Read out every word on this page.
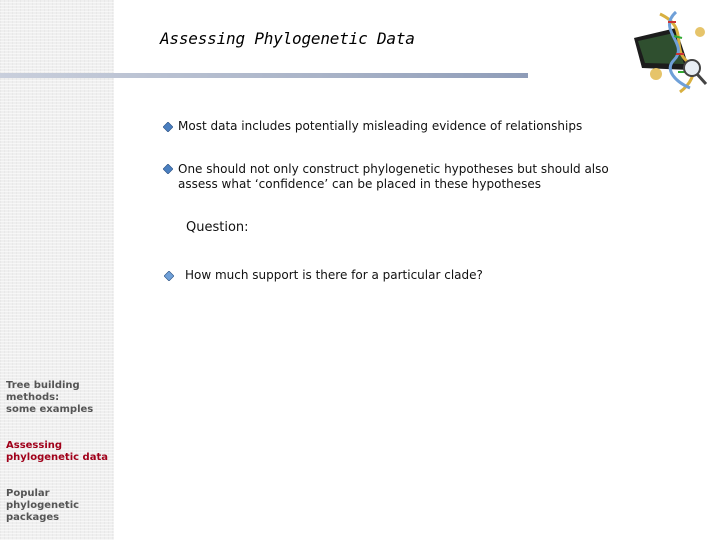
Tree building
methods:
some examples
Assessing
phylogenetic data
Popular
phylogenetic
packages
Assessing Phylogenetic Data
Most data includes potentially misleading evidence of relationships
One should not only construct phylogenetic hypotheses but should also assess what ‘confidence’ can be placed in these hypotheses
Question:
How much support is there for a particular clade?
